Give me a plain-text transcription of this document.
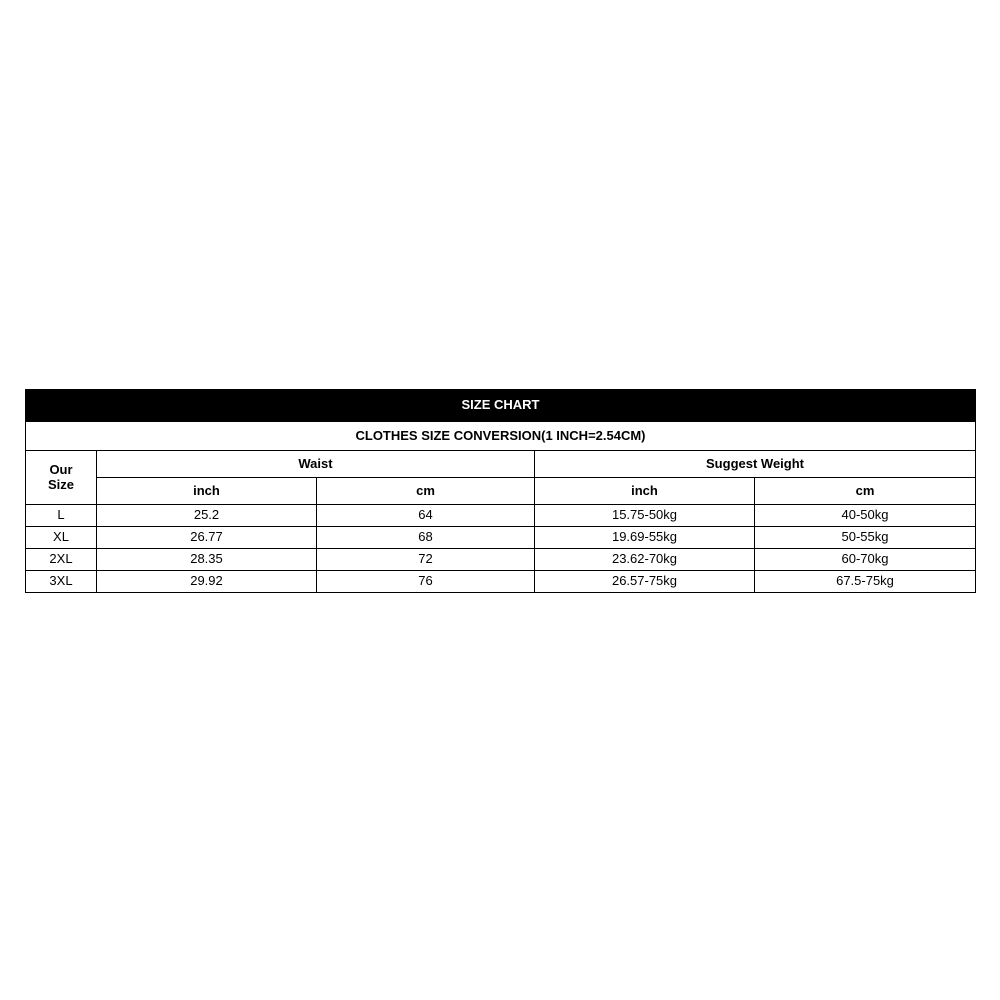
SIZE CHART				
CLOTHES SIZE CONVERSION(1 INCH=2.54CM)				

Our
Size	Waist		Suggest Weight	
	inch	cm	inch	cm
L	25.2	64	15.75-50kg	40-50kg
XL	26.77	68	19.69-55kg	50-55kg
2XL	28.35	72	23.62-70kg	60-70kg
3XL	29.92	76	26.57-75kg	67.5-75kg
